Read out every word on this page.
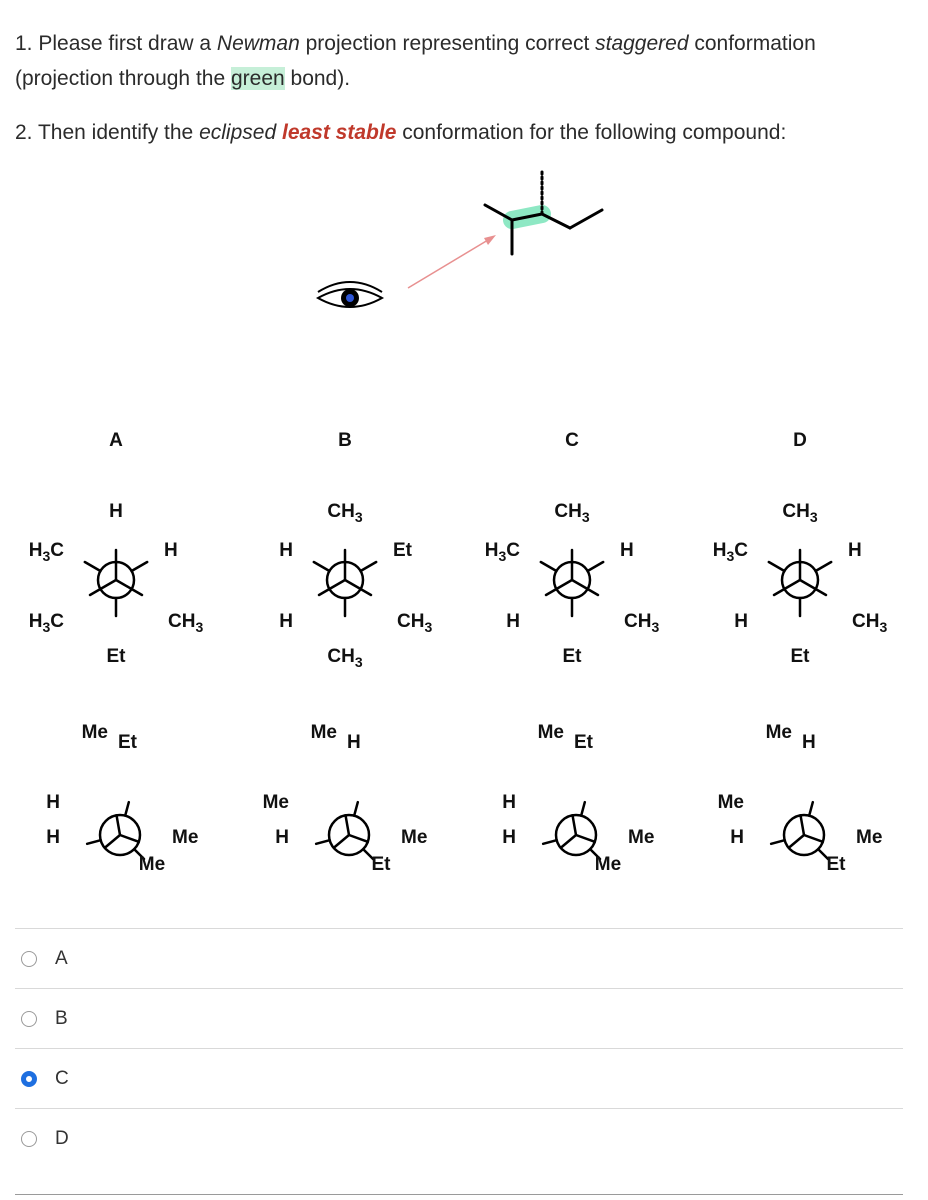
1. Please first draw a Newman projection representing correct staggered conformation
(projection through the green bond).
2. Then identify the eclipsed least stable conformation for the following compound:
A
H
$H_3C$	H
$H_3C$	$CH_3$
Et
Me Et
H
H	Me
Me
B
$CH_3$
H	Et
H	$CH_3$
$CH_3$
Me H
Me
H	Me
Et
C
$CH_3$
$H_3C$	H
H	$CH_3$
Et
Me Et
H
H	Me
Me
D
$CH_3$
$H_3C$	H
H	$CH_3$
Et
Me H
Me
H	Me
Et
A
B
C
D
